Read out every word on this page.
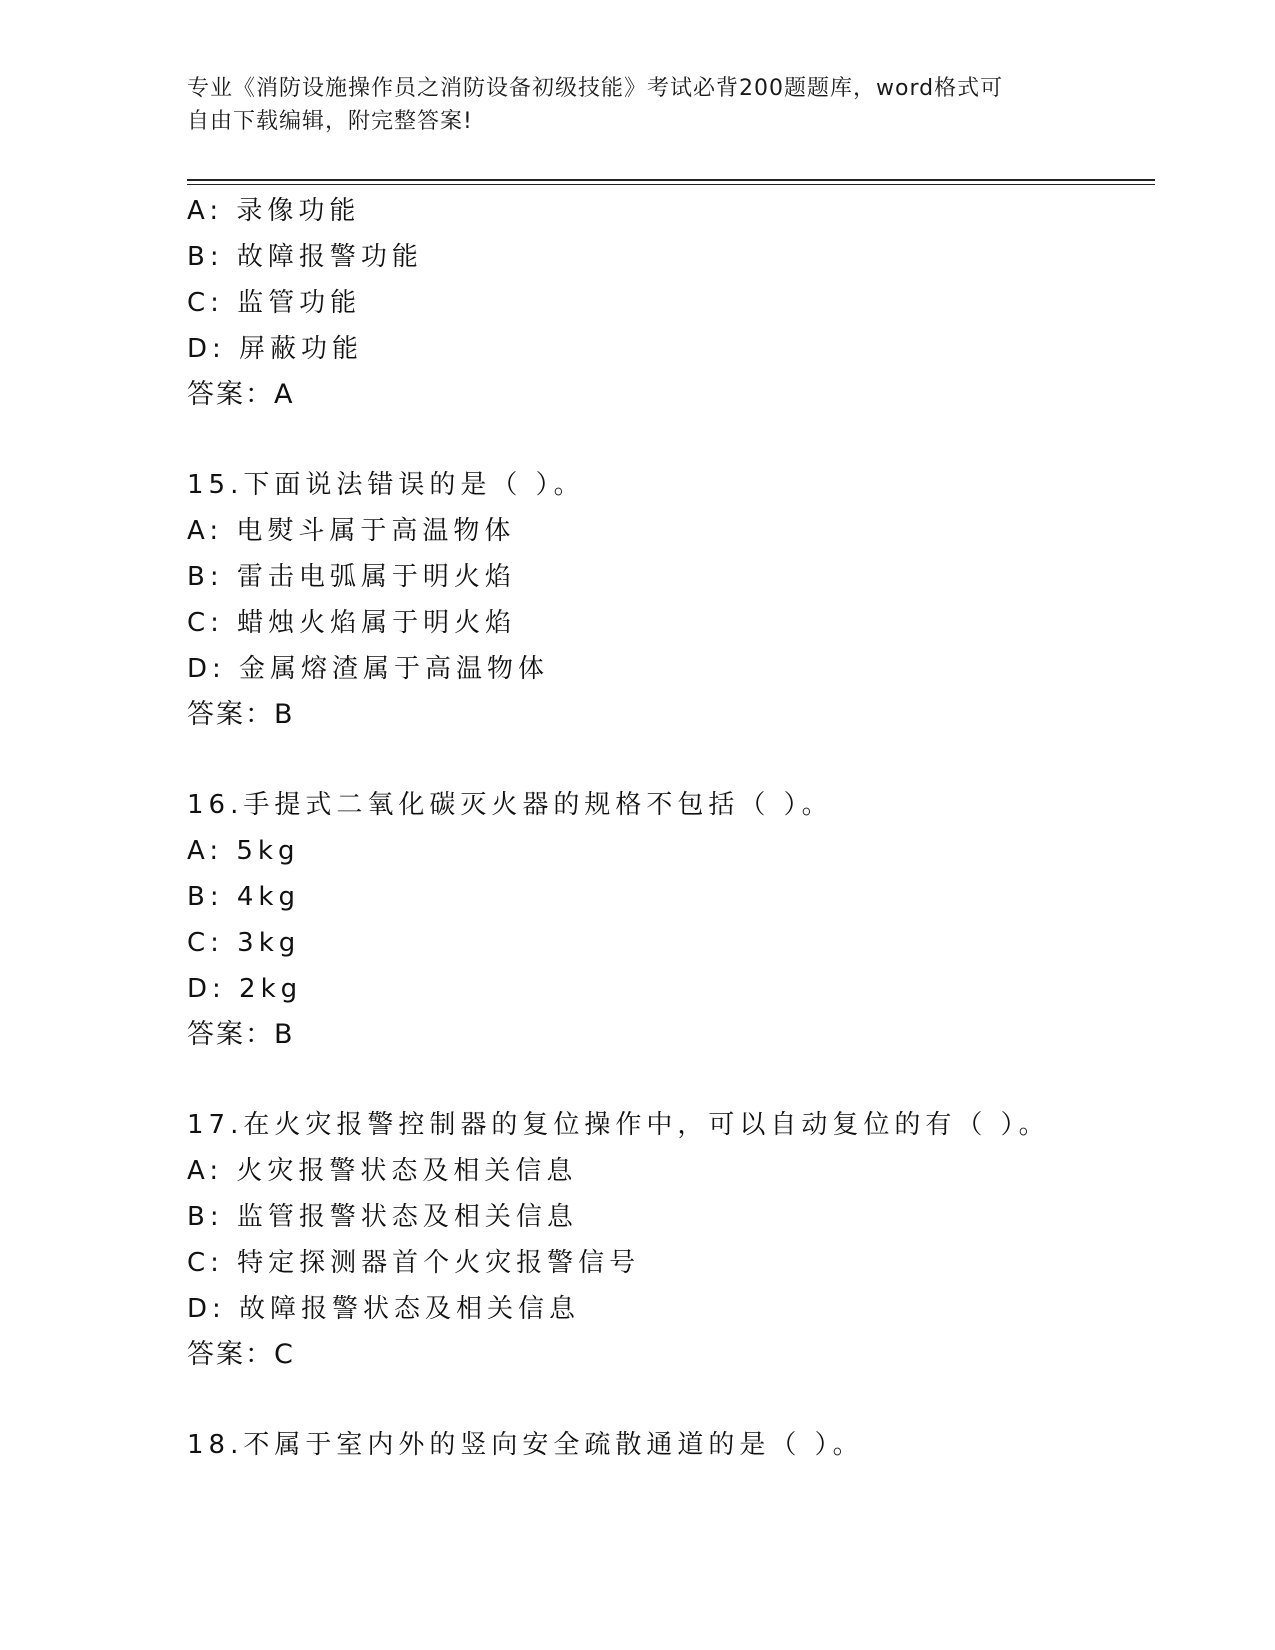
专业《消防设施操作员之消防设备初级技能》考试必背200题题库，word格式可
自由下载编辑，附完整答案!
A: 录像功能
B: 故障报警功能
C: 监管功能
D: 屏蔽功能
答案：A
15.下面说法错误的是（ ）。
A: 电熨斗属于高温物体
B: 雷击电弧属于明火焰
C: 蜡烛火焰属于明火焰
D: 金属熔渣属于高温物体
答案：B
16.手提式二氧化碳灭火器的规格不包括（ ）。
A: 5kg
B: 4kg
C: 3kg
D: 2kg
答案：B
17.在火灾报警控制器的复位操作中，可以自动复位的有（ ）。
A: 火灾报警状态及相关信息
B: 监管报警状态及相关信息
C: 特定探测器首个火灾报警信号
D: 故障报警状态及相关信息
答案：C
18.不属于室内外的竖向安全疏散通道的是（ ）。
